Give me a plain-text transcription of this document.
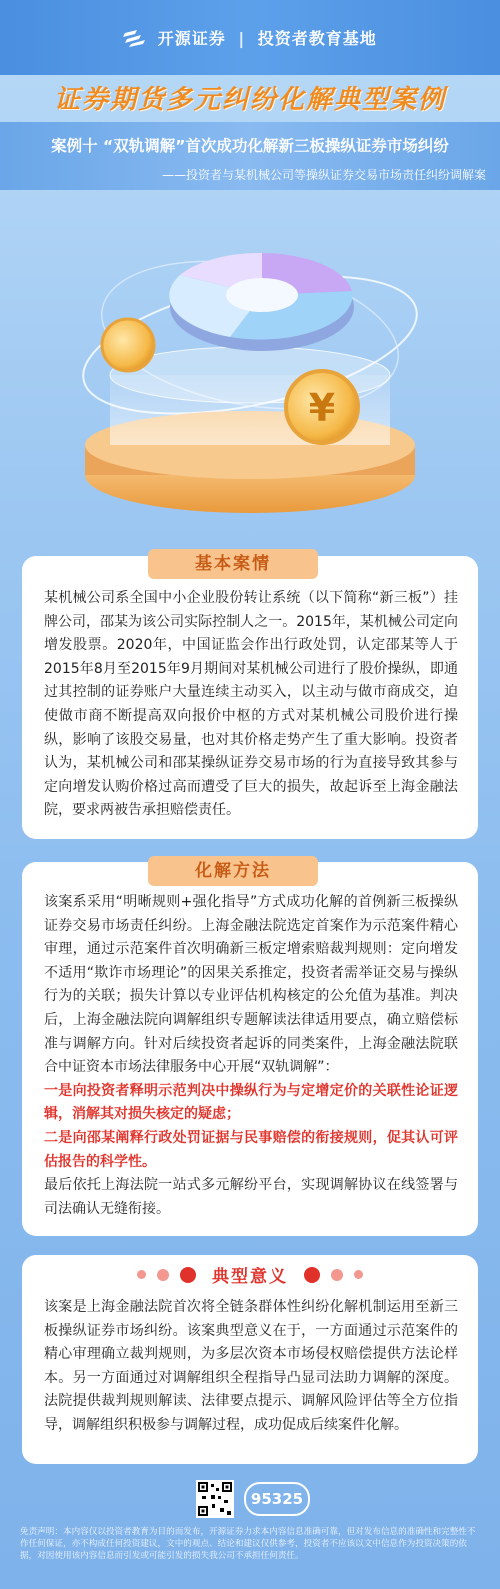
开源证券 | 投资者教育基地
证券期货多元纠纷化解典型案例
案例十 “双轨调解”首次成功化解新三板操纵证券市场纠纷
——投资者与某机械公司等操纵证券交易市场责任纠纷调解案
¥
基本案情

某机械公司系全国中小企业股份转让系统（以下简称“新三板”）挂牌公司，邵某为该公司实际控制人之一。2015年，某机械公司定向增发股票。2020年，中国证监会作出行政处罚，认定邵某等人于2015年8月至2015年9月期间对某机械公司进行了股价操纵，即通过其控制的证券账户大量连续主动买入，以主动与做市商成交，迫使做市商不断提高双向报价中枢的方式对某机械公司股价进行操纵，影响了该股交易量，也对其价格走势产生了重大影响。投资者认为，某机械公司和邵某操纵证券交易市场的行为直接导致其参与定向增发认购价格过高而遭受了巨大的损失，故起诉至上海金融法院，要求两被告承担赔偿责任。

化解方法

该案系采用“明晰规则+强化指导”方式成功化解的首例新三板操纵证券交易市场责任纠纷。上海金融法院选定首案作为示范案件精心审理，通过示范案件首次明确新三板定增索赔裁判规则：定向增发不适用“欺诈市场理论”的因果关系推定，投资者需举证交易与操纵行为的关联；损失计算以专业评估机构核定的公允值为基准。判决后，上海金融法院向调解组织专题解读法律适用要点，确立赔偿标准与调解方向。针对后续投资者起诉的同类案件，上海金融法院联合中证资本市场法律服务中心开展“双轨调解”：

一是向投资者释明示范判决中操纵行为与定增定价的关联性论证逻辑，消解其对损失核定的疑虑；

二是向邵某阐释行政处罚证据与民事赔偿的衔接规则，促其认可评估报告的科学性。

最后依托上海法院一站式多元解纷平台，实现调解协议在线签署与司法确认无缝衔接。

典型意义

该案是上海金融法院首次将全链条群体性纠纷化解机制运用至新三板操纵证券市场纠纷。该案典型意义在于，一方面通过示范案件的精心审理确立裁判规则，为多层次资本市场侵权赔偿提供方法论样本。另一方面通过对调解组织全程指导凸显司法助力调解的深度。法院提供裁判规则解读、法律要点提示、调解风险评估等全方位指导，调解组织积极参与调解过程，成功促成后续案件化解。

95325
免责声明：本内容仅以投资者教育为目的而发布，开源证券力求本内容信息准确可靠，但对发布信息的准确性和完整性不作任何保证，亦不构成任何投资建议，文中的观点、结论和建议仅供参考，投资者不应该以文中信息作为投资决策的依据，对因使用该内容信息而引发或可能引发的损失我公司不承担任何责任。
